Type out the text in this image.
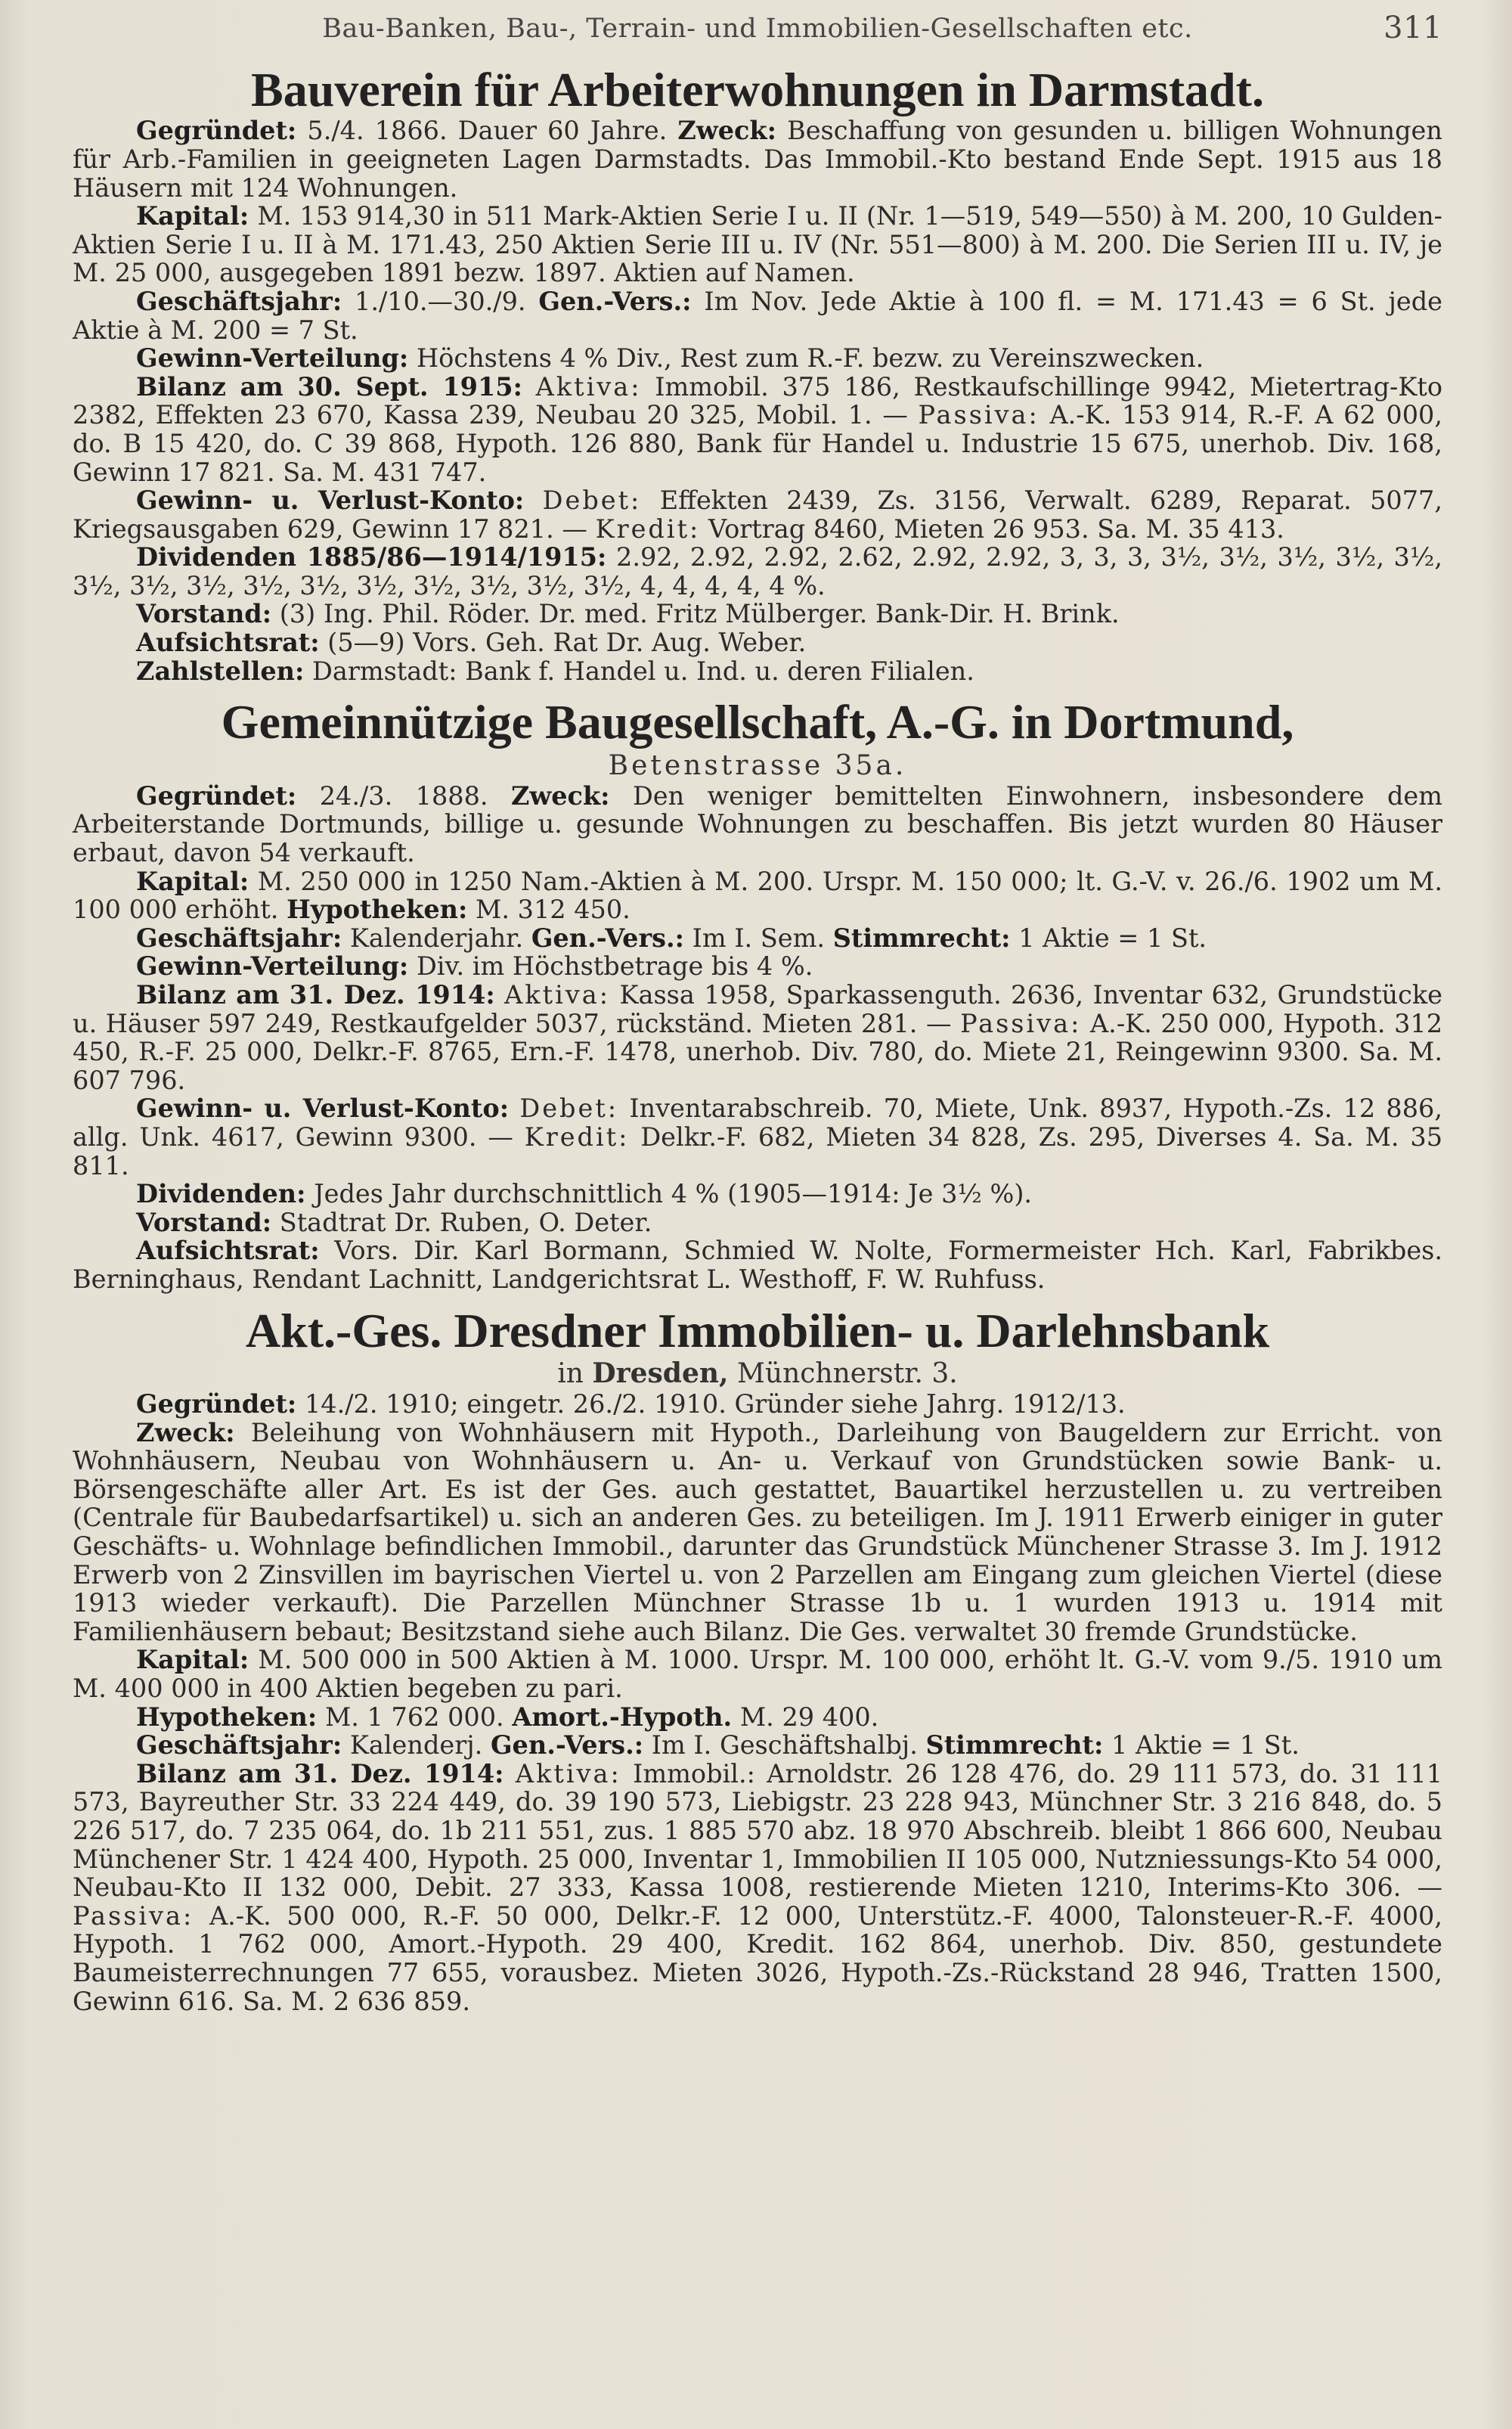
Bau-Banken, Bau-, Terrain- und Immobilien-Gesellschaften etc.	311
Bauverein für Arbeiterwohnungen in Darmstadt.

Gegründet: 5./4. 1866. Dauer 60 Jahre. Zweck: Beschaffung von gesunden u. billigen Wohnungen für Arb.-Familien in geeigneten Lagen Darmstadts. Das Immobil.-Kto bestand Ende Sept. 1915 aus 18 Häusern mit 124 Wohnungen.

Kapital: M. 153 914,30 in 511 Mark-Aktien Serie I u. II (Nr. 1—519, 549—550) à M. 200, 10 Gulden-Aktien Serie I u. II à M. 171.43, 250 Aktien Serie III u. IV (Nr. 551—800) à M. 200. Die Serien III u. IV, je M. 25 000, ausgegeben 1891 bezw. 1897. Aktien auf Namen.

Geschäftsjahr: 1./10.—30./9. Gen.-Vers.: Im Nov. Jede Aktie à 100 fl. = M. 171.43 = 6 St. jede Aktie à M. 200 = 7 St.

Gewinn-Verteilung: Höchstens 4 % Div., Rest zum R.-F. bezw. zu Vereinszwecken.

Bilanz am 30. Sept. 1915: Aktiva: Immobil. 375 186, Restkaufschillinge 9942, Mietertrag-Kto 2382, Effekten 23 670, Kassa 239, Neubau 20 325, Mobil. 1. — Passiva: A.-K. 153 914, R.-F. A 62 000, do. B 15 420, do. C 39 868, Hypoth. 126 880, Bank für Handel u. Industrie 15 675, unerhob. Div. 168, Gewinn 17 821. Sa. M. 431 747.

Gewinn- u. Verlust-Konto: Debet: Effekten 2439, Zs. 3156, Verwalt. 6289, Reparat. 5077, Kriegsausgaben 629, Gewinn 17 821. — Kredit: Vortrag 8460, Mieten 26 953. Sa. M. 35 413.

Dividenden 1885/86—1914/1915: 2.92, 2.92, 2.92, 2.62, 2.92, 2.92, 3, 3, 3, 3½, 3½, 3½, 3½, 3½, 3½, 3½, 3½, 3½, 3½, 3½, 3½, 3½, 3½, 3½, 4, 4, 4, 4, 4 %.

Vorstand: (3) Ing. Phil. Röder. Dr. med. Fritz Mülberger. Bank-Dir. H. Brink.

Aufsichtsrat: (5—9) Vors. Geh. Rat Dr. Aug. Weber.

Zahlstellen: Darmstadt: Bank f. Handel u. Ind. u. deren Filialen.

Gemeinnützige Baugesellschaft, A.-G. in Dortmund,

Betenstrasse 35a.

Gegründet: 24./3. 1888. Zweck: Den weniger bemittelten Einwohnern, insbesondere dem Arbeiterstande Dortmunds, billige u. gesunde Wohnungen zu beschaffen. Bis jetzt wurden 80 Häuser erbaut, davon 54 verkauft.

Kapital: M. 250 000 in 1250 Nam.-Aktien à M. 200. Urspr. M. 150 000; lt. G.-V. v. 26./6. 1902 um M. 100 000 erhöht. Hypotheken: M. 312 450.

Geschäftsjahr: Kalenderjahr. Gen.-Vers.: Im I. Sem. Stimmrecht: 1 Aktie = 1 St.

Gewinn-Verteilung: Div. im Höchstbetrage bis 4 %.

Bilanz am 31. Dez. 1914: Aktiva: Kassa 1958, Sparkassenguth. 2636, Inventar 632, Grundstücke u. Häuser 597 249, Restkaufgelder 5037, rückständ. Mieten 281. — Passiva: A.-K. 250 000, Hypoth. 312 450, R.-F. 25 000, Delkr.-F. 8765, Ern.-F. 1478, unerhob. Div. 780, do. Miete 21, Reingewinn 9300. Sa. M. 607 796.

Gewinn- u. Verlust-Konto: Debet: Inventarabschreib. 70, Miete, Unk. 8937, Hypoth.-Zs. 12 886, allg. Unk. 4617, Gewinn 9300. — Kredit: Delkr.-F. 682, Mieten 34 828, Zs. 295, Diverses 4. Sa. M. 35 811.

Dividenden: Jedes Jahr durchschnittlich 4 % (1905—1914: Je 3½ %).

Vorstand: Stadtrat Dr. Ruben, O. Deter.

Aufsichtsrat: Vors. Dir. Karl Bormann, Schmied W. Nolte, Formermeister Hch. Karl, Fabrikbes. Berninghaus, Rendant Lachnitt, Landgerichtsrat L. Westhoff, F. W. Ruhfuss.

Akt.-Ges. Dresdner Immobilien- u. Darlehnsbank

in Dresden, Münchnerstr. 3.

Gegründet: 14./2. 1910; eingetr. 26./2. 1910. Gründer siehe Jahrg. 1912/13.

Zweck: Beleihung von Wohnhäusern mit Hypoth., Darleihung von Baugeldern zur Erricht. von Wohnhäusern, Neubau von Wohnhäusern u. An- u. Verkauf von Grundstücken sowie Bank- u. Börsengeschäfte aller Art. Es ist der Ges. auch gestattet, Bauartikel herzustellen u. zu vertreiben (Centrale für Baubedarfsartikel) u. sich an anderen Ges. zu beteiligen. Im J. 1911 Erwerb einiger in guter Geschäfts- u. Wohnlage befindlichen Immobil., darunter das Grundstück Münchener Strasse 3. Im J. 1912 Erwerb von 2 Zinsvillen im bayrischen Viertel u. von 2 Parzellen am Eingang zum gleichen Viertel (diese 1913 wieder verkauft). Die Parzellen Münchner Strasse 1b u. 1 wurden 1913 u. 1914 mit Familienhäusern bebaut; Besitzstand siehe auch Bilanz. Die Ges. verwaltet 30 fremde Grundstücke.

Kapital: M. 500 000 in 500 Aktien à M. 1000. Urspr. M. 100 000, erhöht lt. G.-V. vom 9./5. 1910 um M. 400 000 in 400 Aktien begeben zu pari.

Hypotheken: M. 1 762 000. Amort.-Hypoth. M. 29 400.

Geschäftsjahr: Kalenderj. Gen.-Vers.: Im I. Geschäftshalbj. Stimmrecht: 1 Aktie = 1 St.

Bilanz am 31. Dez. 1914: Aktiva: Immobil.: Arnoldstr. 26 128 476, do. 29 111 573, do. 31 111 573, Bayreuther Str. 33 224 449, do. 39 190 573, Liebigstr. 23 228 943, Münchner Str. 3 216 848, do. 5 226 517, do. 7 235 064, do. 1b 211 551, zus. 1 885 570 abz. 18 970 Abschreib. bleibt 1 866 600, Neubau Münchener Str. 1 424 400, Hypoth. 25 000, Inventar 1, Immobilien II 105 000, Nutzniessungs-Kto 54 000, Neubau-Kto II 132 000, Debit. 27 333, Kassa 1008, restierende Mieten 1210, Interims-Kto 306. — Passiva: A.-K. 500 000, R.-F. 50 000, Delkr.-F. 12 000, Unterstütz.-F. 4000, Talonsteuer-R.-F. 4000, Hypoth. 1 762 000, Amort.-Hypoth. 29 400, Kredit. 162 864, unerhob. Div. 850, gestundete Baumeisterrechnungen 77 655, vorausbez. Mieten 3026, Hypoth.-Zs.-Rückstand 28 946, Tratten 1500, Gewinn 616. Sa. M. 2 636 859.
